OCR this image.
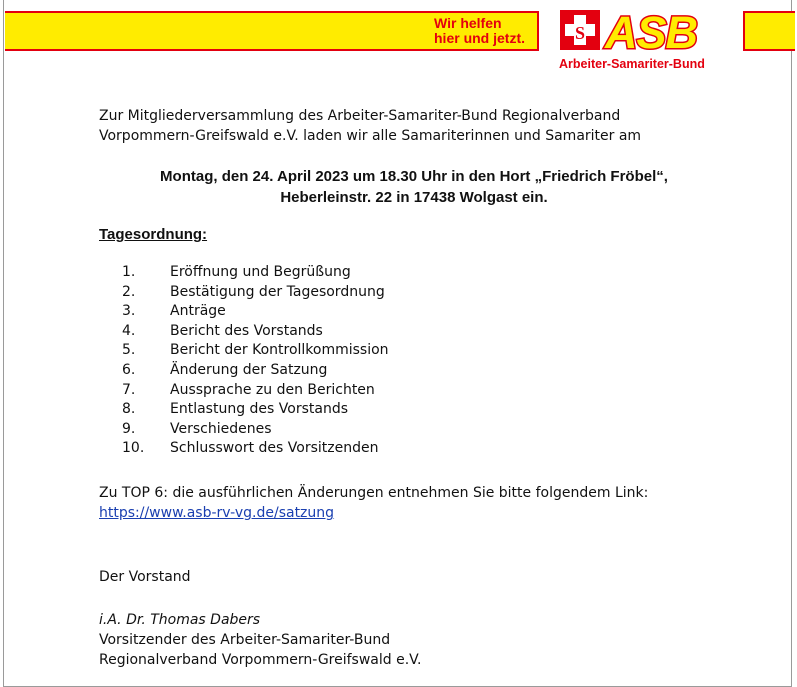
Wir helfen
hier und jetzt.	S ASB
Arbeiter-Samariter-Bund
Zur Mitgliederversammlung des Arbeiter-Samariter-Bund Regionalverband
Vorpommern-Greifswald e.V. laden wir alle Samariterinnen und Samariter am
Montag, den 24. April 2023 um 18.30 Uhr in den Hort „Friedrich Fröbel“,
Heberleinstr. 22 in 17438 Wolgast ein.
Tagesordnung:
1.	Eröffnung und Begrüßung
2.	Bestätigung der Tagesordnung
3.	Anträge
4.	Bericht des Vorstands
5.	Bericht der Kontrollkommission
6.	Änderung der Satzung
7.	Aussprache zu den Berichten
8.	Entlastung des Vorstands
9.	Verschiedenes
10.	Schlusswort des Vorsitzenden
Zu TOP 6: die ausführlichen Änderungen entnehmen Sie bitte folgendem Link:
https://www.asb-rv-vg.de/satzung
Der Vorstand
i.A. Dr. Thomas Dabers
Vorsitzender des Arbeiter-Samariter-Bund
Regionalverband Vorpommern-Greifswald e.V.
